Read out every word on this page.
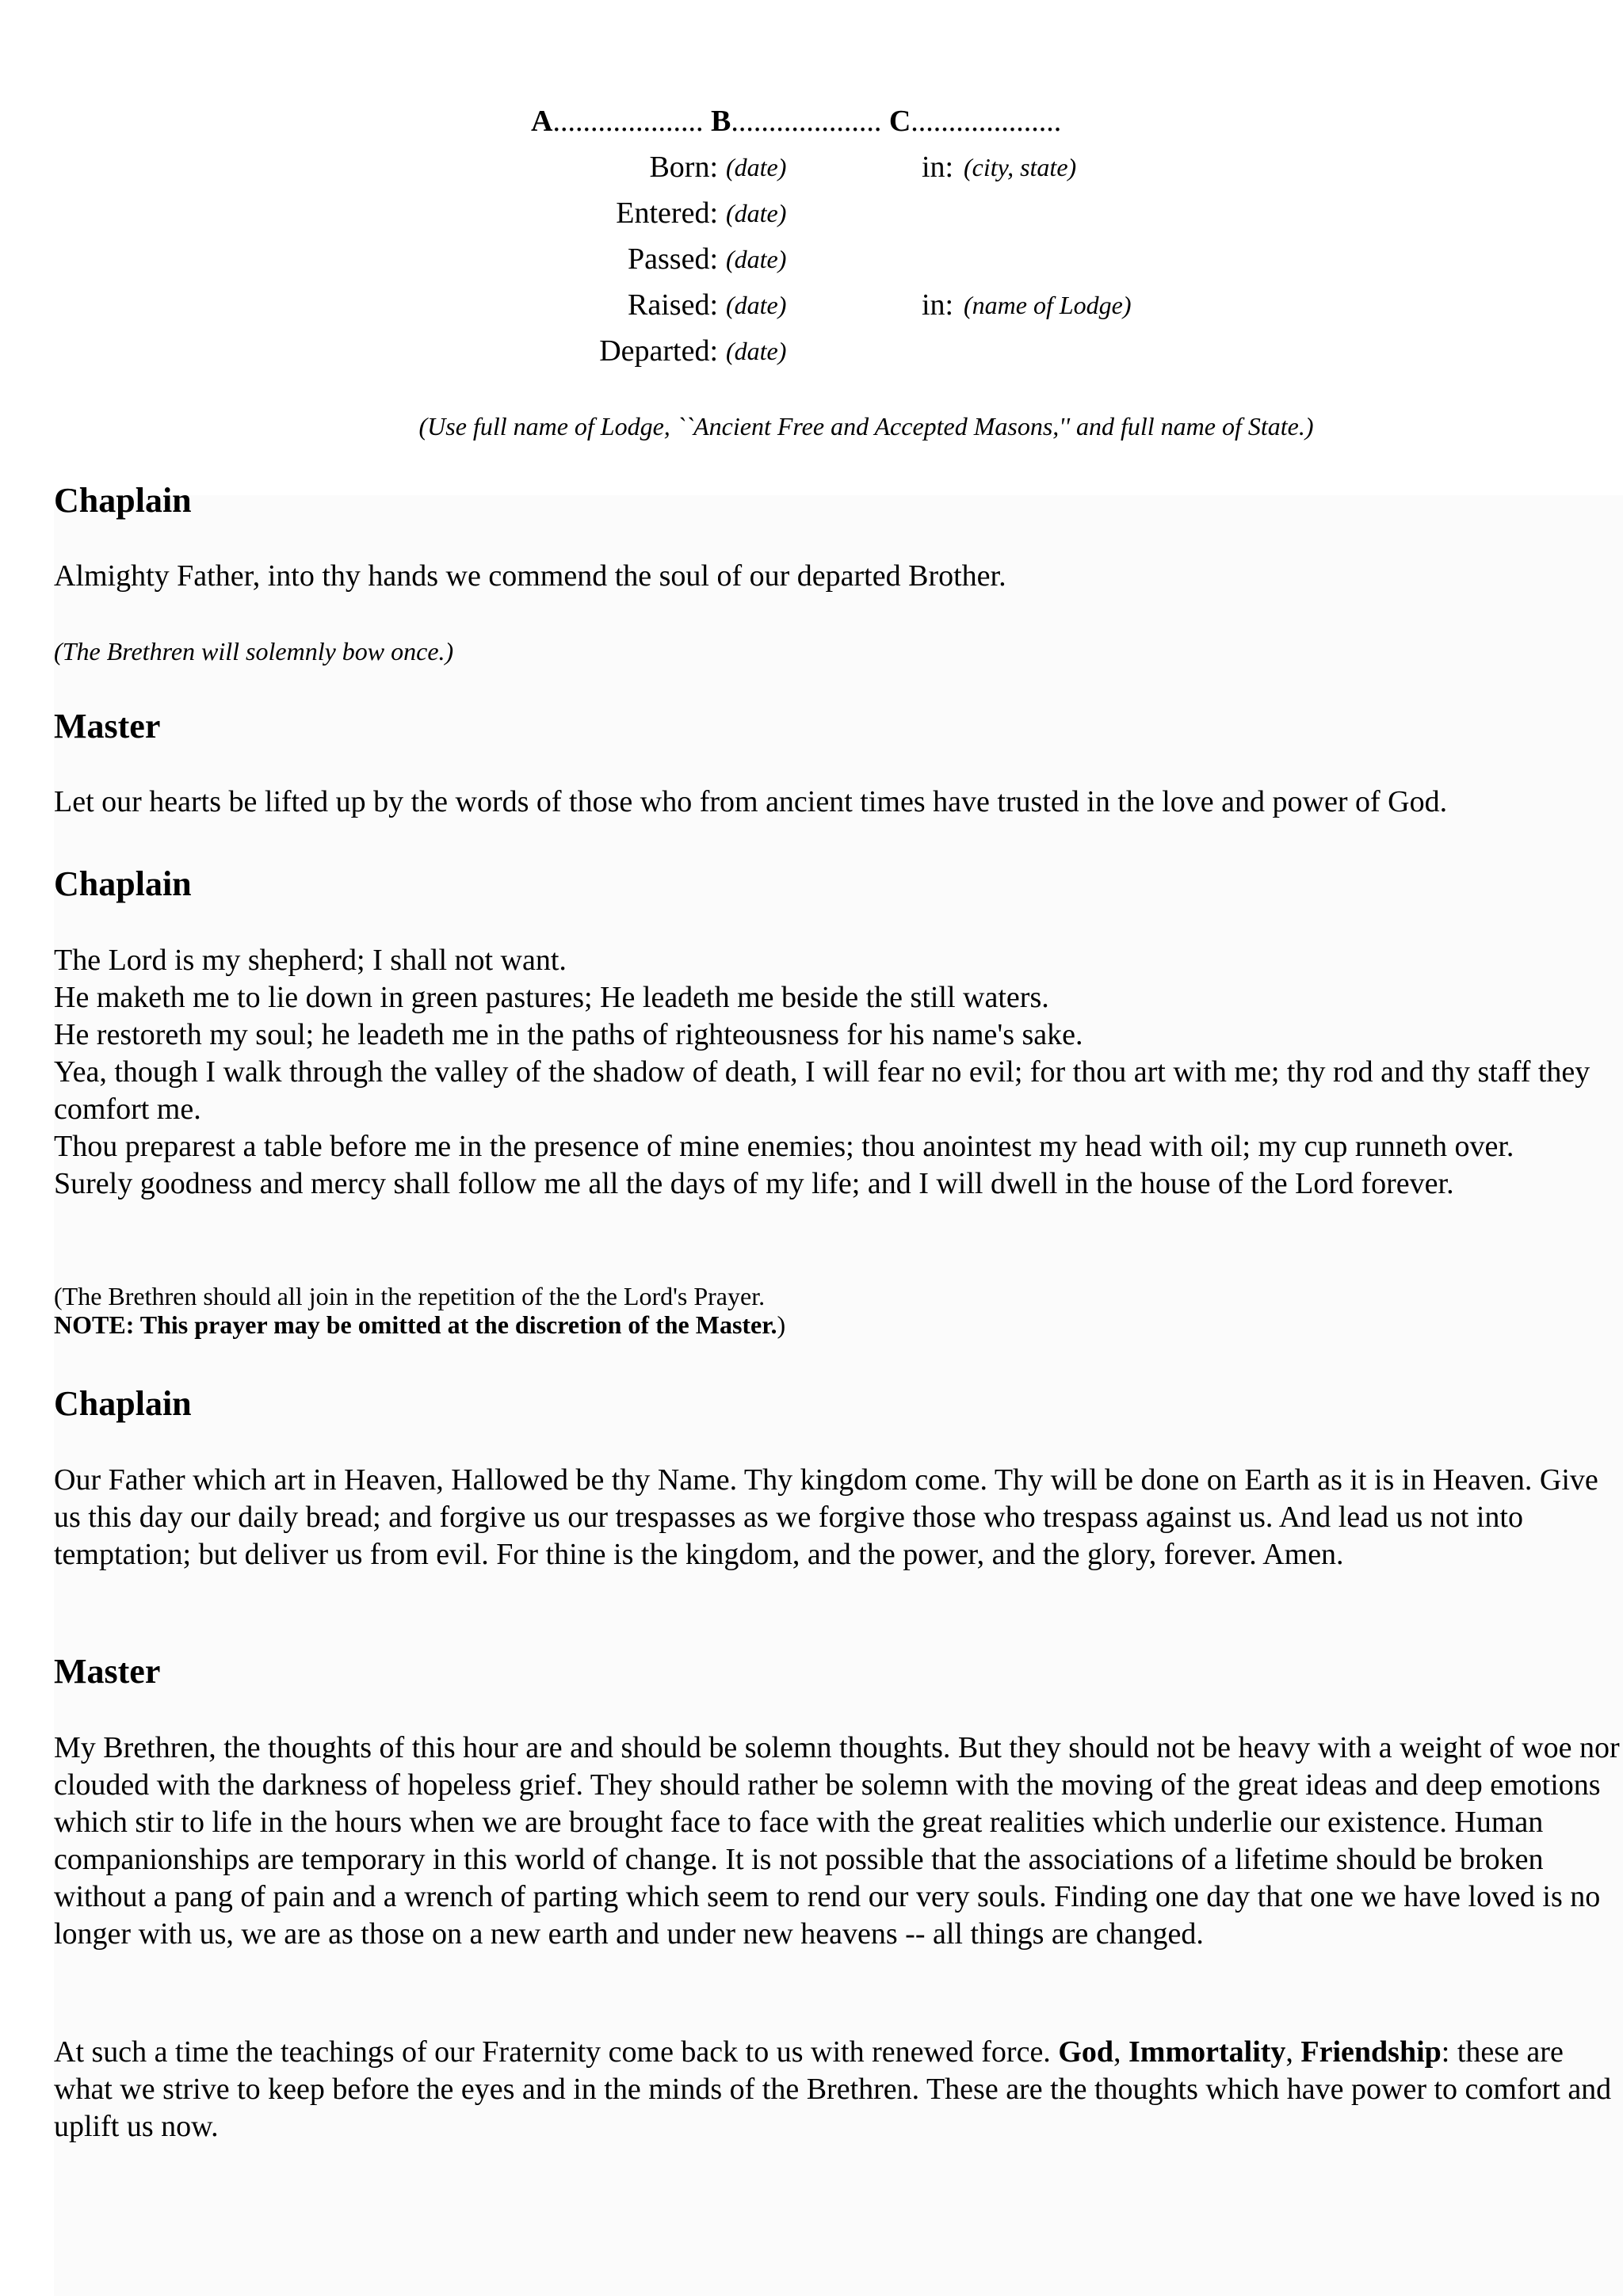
A.................... B.................... C....................
Born: (date)	in: (city, state)
Entered: (date)
Passed: (date)
Raised: (date)	in: (name of Lodge)
Departed: (date)
(Use full name of Lodge, ``Ancient Free and Accepted Masons,'' and full name of State.)
Chaplain
Almighty Father, into thy hands we commend the soul of our departed Brother.
(The Brethren will solemnly bow once.)
Master
Let our hearts be lifted up by the words of those who from ancient times have trusted in the love and power of God.
Chaplain

The Lord is my shepherd; I shall not want.

He maketh me to lie down in green pastures; He leadeth me beside the still waters.

He restoreth my soul; he leadeth me in the paths of righteousness for his name's sake.

Yea, though I walk through the valley of the shadow of death, I will fear no evil; for thou art with me; thy rod and thy staff they comfort me.

Thou preparest a table before me in the presence of mine enemies; thou anointest my head with oil; my cup runneth over.

Surely goodness and mercy shall follow me all the days of my life; and I will dwell in the house of the Lord forever.

(The Brethren should all join in the repetition of the the Lord's Prayer.
NOTE: This prayer may be omitted at the discretion of the Master.)
Chaplain
Our Father which art in Heaven, Hallowed be thy Name. Thy kingdom come. Thy will be done on Earth as it is in Heaven. Give us this day our daily bread; and forgive us our trespasses as we forgive those who trespass against us. And lead us not into temptation; but deliver us from evil. For thine is the kingdom, and the power, and the glory, forever. Amen.
Master
My Brethren, the thoughts of this hour are and should be solemn thoughts. But they should not be heavy with a weight of woe nor clouded with the darkness of hopeless grief. They should rather be solemn with the moving of the great ideas and deep emotions which stir to life in the hours when we are brought face to face with the great realities which underlie our existence. Human companionships are temporary in this world of change. It is not possible that the associations of a lifetime should be broken without a pang of pain and a wrench of parting which seem to rend our very souls. Finding one day that one we have loved is no longer with us, we are as those on a new earth and under new heavens -- all things are changed.
At such a time the teachings of our Fraternity come back to us with renewed force. God, Immortality, Friendship: these are what we strive to keep before the eyes and in the minds of the Brethren. These are the thoughts which have power to comfort and uplift us now.
